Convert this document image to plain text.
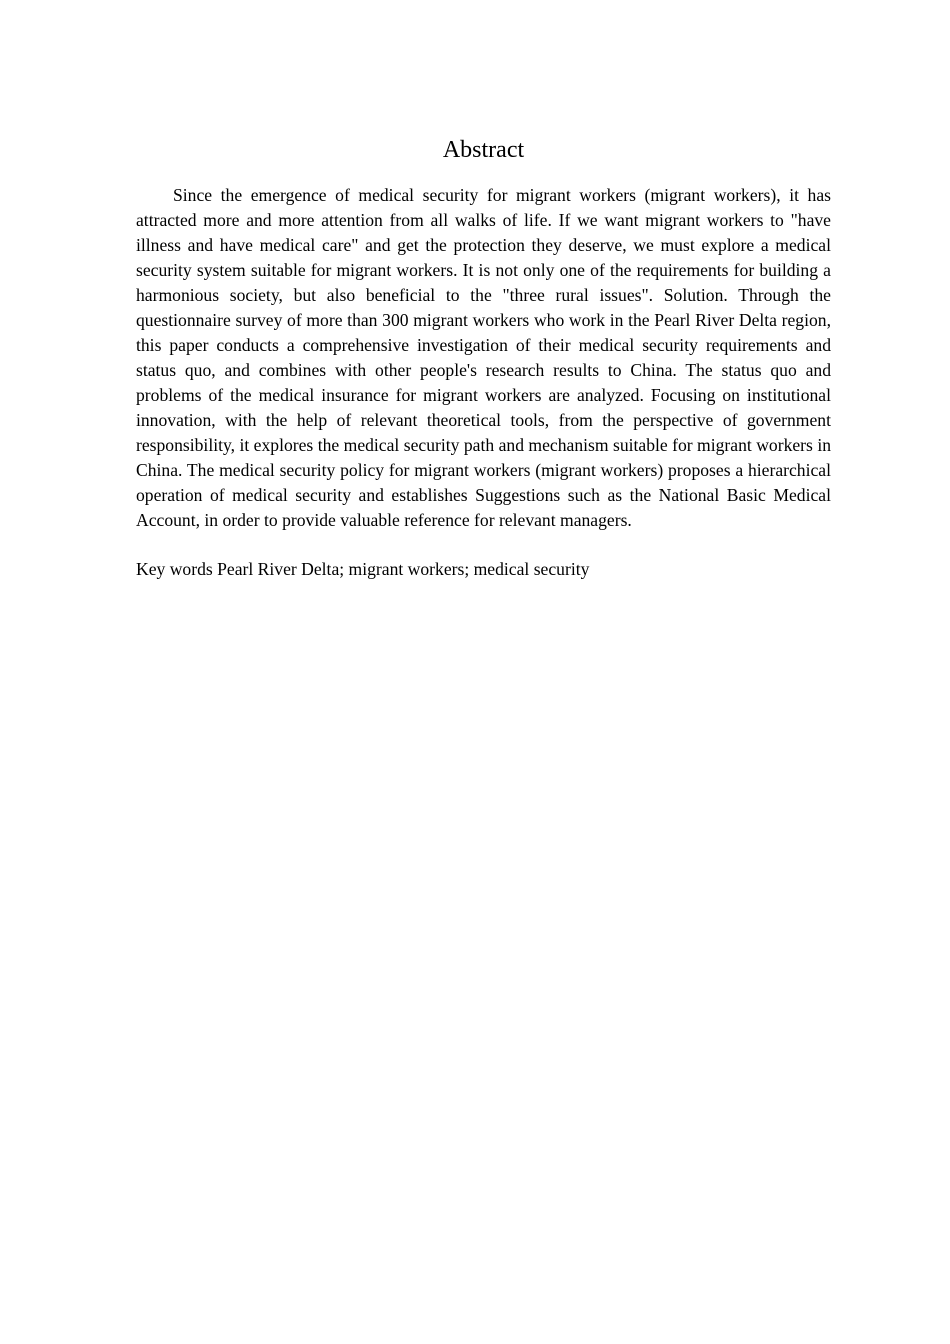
Abstract

Since the emergence of medical security for migrant workers (migrant workers), it has attracted more and more attention from all walks of life. If we want migrant workers to "have illness and have medical care" and get the protection they deserve, we must explore a medical security system suitable for migrant workers. It is not only one of the requirements for building a harmonious society, but also beneficial to the "three rural issues". Solution. Through the questionnaire survey of more than 300 migrant workers who work in the Pearl River Delta region, this paper conducts a comprehensive investigation of their medical security requirements and status quo, and combines with other people's research results to China. The status quo and problems of the medical insurance for migrant workers are analyzed. Focusing on institutional innovation, with the help of relevant theoretical tools, from the perspective of government responsibility, it explores the medical security path and mechanism suitable for migrant workers in China. The medical security policy for migrant workers (migrant workers) proposes a hierarchical operation of medical security and establishes Suggestions such as the National Basic Medical Account, in order to provide valuable reference for relevant managers.

Key words Pearl River Delta; migrant workers; medical security
